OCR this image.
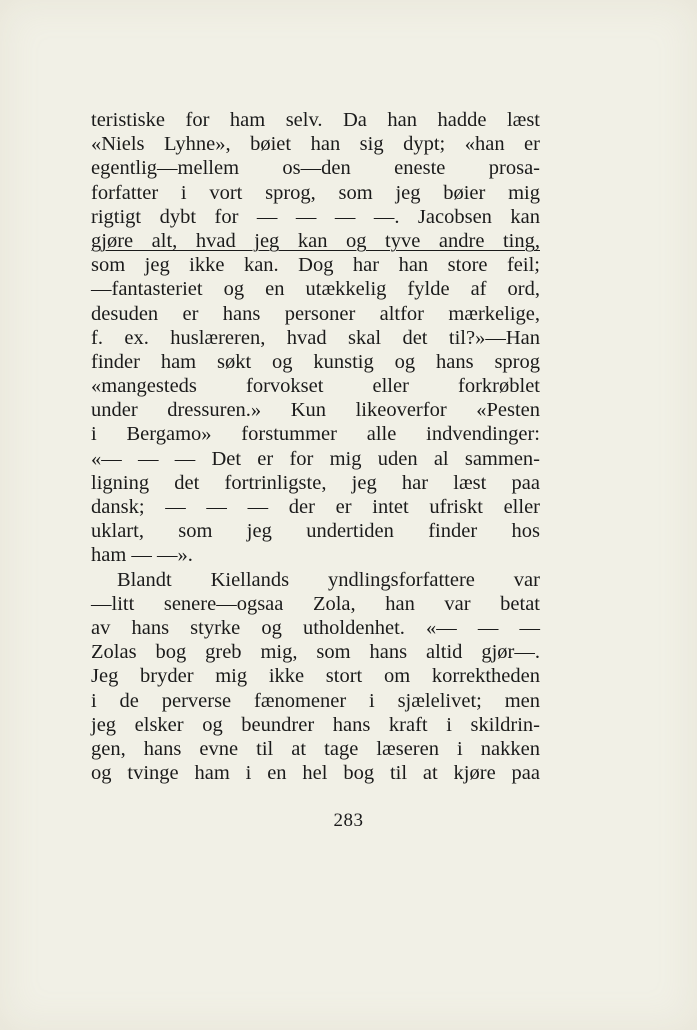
teristiske for ham selv. Da han hadde læst
«Niels Lyhne», bøiet han sig dypt; «han er
egentlig—mellem os—den eneste prosa-
forfatter i vort sprog, som jeg bøier mig
rigtigt dybt for — — — —. Jacobsen kan
gjøre alt, hvad jeg kan og tyve andre ting,
som jeg ikke kan. Dog har han store feil;
—fantasteriet og en utækkelig fylde af ord,
desuden er hans personer altfor mærkelige,
f. ex. huslæreren, hvad skal det til?»—Han
finder ham søkt og kunstig og hans sprog
«mangesteds forvokset eller forkrøblet
under dressuren.» Kun likeoverfor «Pesten
i Bergamo» forstummer alle indvendinger:
«— — — Det er for mig uden al sammen-
ligning det fortrinligste, jeg har læst paa
dansk; — — — der er intet ufriskt eller
uklart, som jeg undertiden finder hos
ham — —».
Blandt Kiellands yndlingsforfattere var
—litt senere—ogsaa Zola, han var betat
av hans styrke og utholdenhet. «— — —
Zolas bog greb mig, som hans altid gjør—.
Jeg bryder mig ikke stort om korrektheden
i de perverse fænomener i sjælelivet; men
jeg elsker og beundrer hans kraft i skildrin-
gen, hans evne til at tage læseren i nakken
og tvinge ham i en hel bog til at kjøre paa
283
